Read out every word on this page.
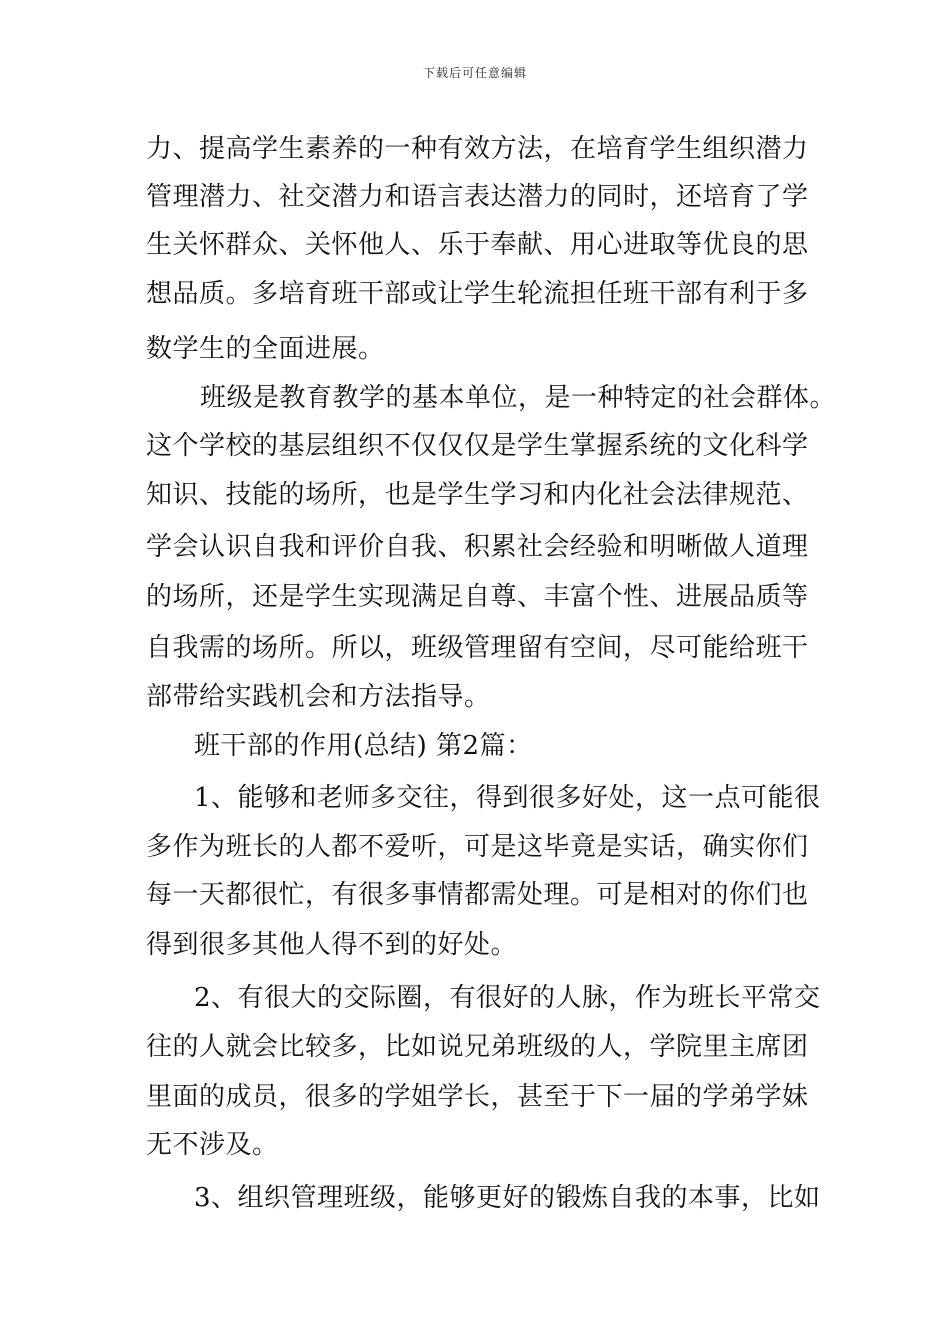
下载后可任意编辑
力、提高学生素养的一种有效方法，在培育学生组织潜力
管理潜力、社交潜力和语言表达潜力的同时，还培育了学
生关怀群众、关怀他人、乐于奉献、用心进取等优良的思
想品质。多培育班干部或让学生轮流担任班干部有利于多
数学生的全面进展。
班级是教育教学的基本单位，是一种特定的社会群体。
这个学校的基层组织不仅仅仅是学生掌握系统的文化科学
知识、技能的场所，也是学生学习和内化社会法律规范、
学会认识自我和评价自我、积累社会经验和明晰做人道理
的场所，还是学生实现满足自尊、丰富个性、进展品质等
自我需的场所。所以，班级管理留有空间，尽可能给班干
部带给实践机会和方法指导。
班干部的作用(总结) 第2篇：
1、能够和老师多交往，得到很多好处，这一点可能很
多作为班长的人都不爱听，可是这毕竟是实话，确实你们
每一天都很忙，有很多事情都需处理。可是相对的你们也
得到很多其他人得不到的好处。
2、有很大的交际圈，有很好的人脉，作为班长平常交
往的人就会比较多，比如说兄弟班级的人，学院里主席团
里面的成员，很多的学姐学长，甚至于下一届的学弟学妹
无不涉及。
3、组织管理班级，能够更好的锻炼自我的本事，比如
